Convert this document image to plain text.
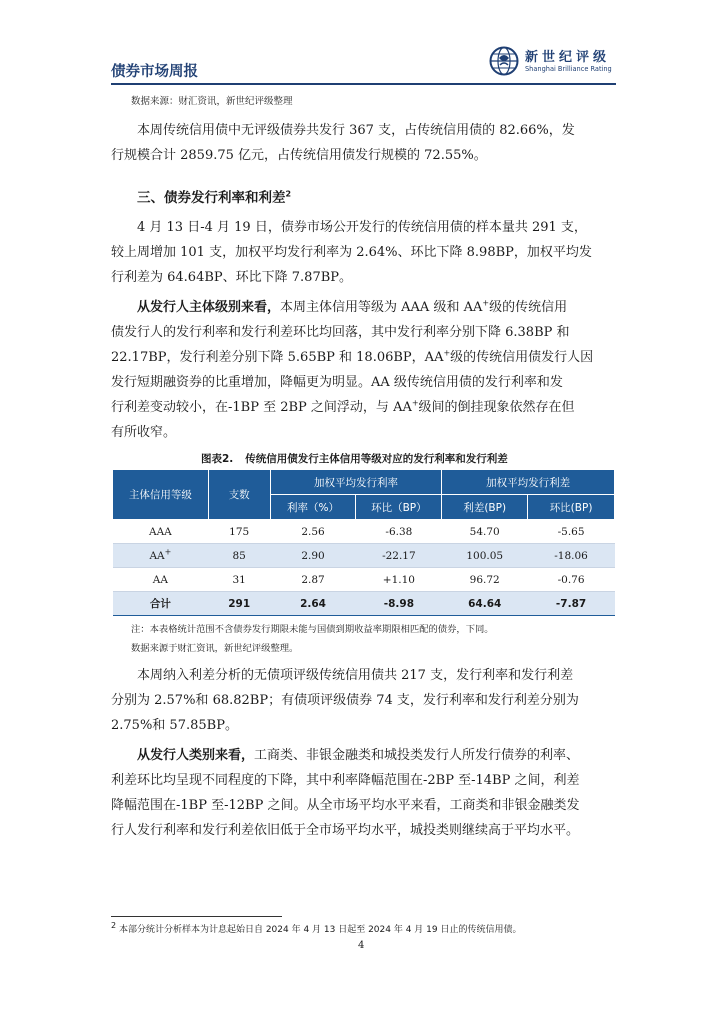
债券市场周报
新世纪评级
Shanghai Brilliance Rating
数据来源：财汇资讯，新世纪评级整理
本周传统信用债中无评级债券共发行 367 支，占传统信用债的 82.66%，发
行规模合计 2859.75 亿元，占传统信用债发行规模的 72.55%。
三、债券发行利率和利差$^2$
4 月 13 日-4 月 19 日，债券市场公开发行的传统信用债的样本量共 291 支，
较上周增加 101 支，加权平均发行利率为 2.64%、环比下降 8.98BP，加权平均发
行利差为 64.64BP、环比下降 7.87BP。
从发行人主体级别来看，本周主体信用等级为 AAA 级和 AA+级的传统信用
债发行人的发行利率和发行利差环比均回落，其中发行利率分别下降 6.38BP 和
22.17BP，发行利差分别下降 5.65BP 和 18.06BP，AA+级的传统信用债发行人因
发行短期融资券的比重增加，降幅更为明显。AA 级传统信用债的发行利率和发
行利差变动较小，在-1BP 至 2BP 之间浮动，与 AA+级间的倒挂现象依然存在但
有所收窄。
图表2. 传统信用债发行主体信用等级对应的发行利率和发行利差
主体信用等级	支数	加权平均发行利率		加权平均发行利差	
		利率（%）	环比（BP）	利差(BP)	环比(BP)
AAA	175	2.56	-6.38	54.70	-5.65
AA+	85	2.90	-22.17	100.05	-18.06
AA	31	2.87	+1.10	96.72	-0.76
合计	291	2.64	-8.98	64.64	-7.87
注：本表格统计范围不含债券发行期限未能与国债到期收益率期限相匹配的债券，下同。
数据来源于财汇资讯，新世纪评级整理。
本周纳入利差分析的无债项评级传统信用债共 217 支，发行利率和发行利差
分别为 2.57%和 68.82BP；有债项评级债券 74 支，发行利率和发行利差分别为
2.75%和 57.85BP。
从发行人类别来看，工商类、非银金融类和城投类发行人所发行债券的利率、
利差环比均呈现不同程度的下降，其中利率降幅范围在-2BP 至-14BP 之间，利差
降幅范围在-1BP 至-12BP 之间。从全市场平均水平来看，工商类和非银金融类发
行人发行利率和发行利差依旧低于全市场平均水平，城投类则继续高于平均水平。
$^2$ 本部分统计分析样本为计息起始日自 2024 年 4 月 13 日起至 2024 年 4 月 19 日止的传统信用债。
4
